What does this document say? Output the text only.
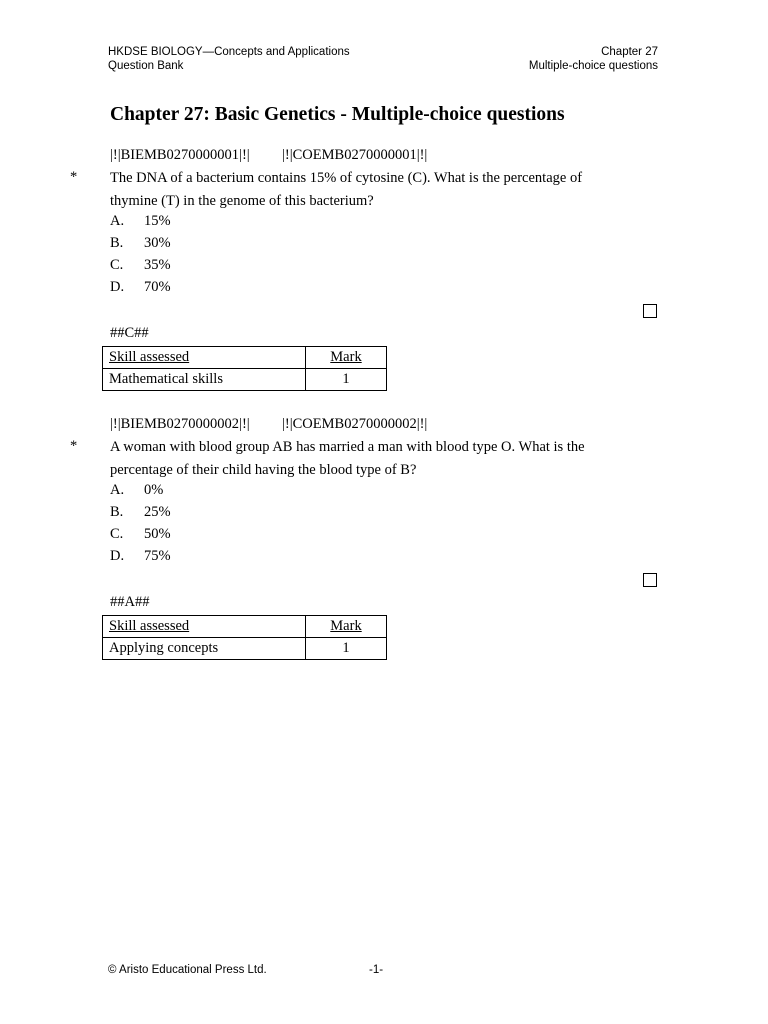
HKDSE BIOLOGY—Concepts and Applications
Question Bank
Chapter 27
Multiple-choice questions
Chapter 27: Basic Genetics - Multiple-choice questions
|!|BIEMB0270000001|!| |!|COEMB0270000001|!|
* The DNA of a bacterium contains 15% of cytosine (C). What is the percentage of thymine (T) in the genome of this bacterium?
A. 15%
B. 30%
C. 35%
D. 70%
##C##
Skill assessed	Mark
Mathematical skills	1
|!|BIEMB0270000002|!| |!|COEMB0270000002|!|
* A woman with blood group AB has married a man with blood type O. What is the percentage of their child having the blood type of B?
A. 0%
B. 25%
C. 50%
D. 75%
##A##
Skill assessed	Mark
Applying concepts	1
© Aristo Educational Press Ltd.	-1-
